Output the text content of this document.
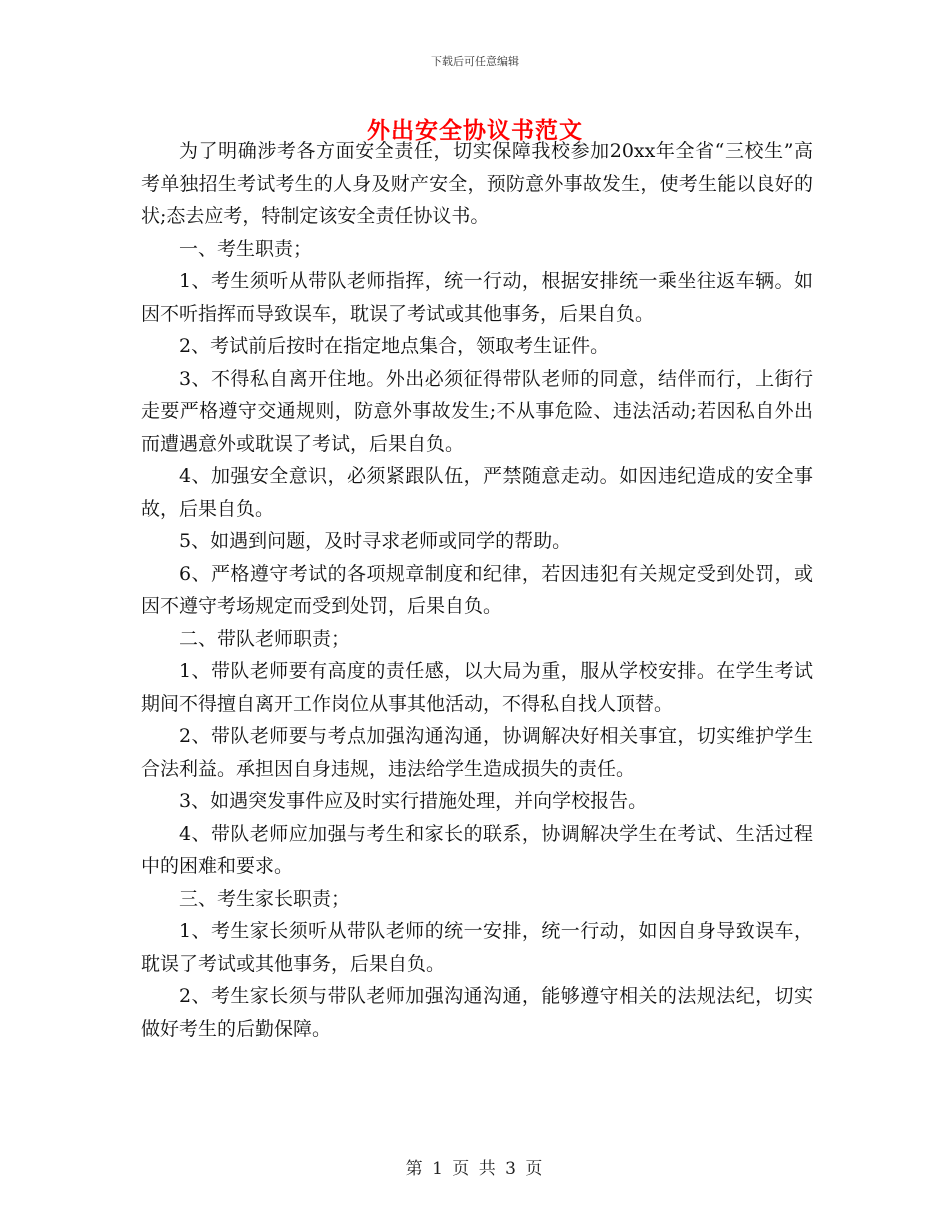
下载后可任意编辑
外出安全协议书范文

为了明确涉考各方面安全责任，切实保障我校参加20xx年全省“三校生”高考单独招生考试考生的人身及财产安全，预防意外事故发生，使考生能以良好的状;态去应考，特制定该安全责任协议书。

一、考生职责；

1、考生须听从带队老师指挥，统一行动，根据安排统一乘坐往返车辆。如因不听指挥而导致误车，耽误了考试或其他事务，后果自负。

2、考试前后按时在指定地点集合，领取考生证件。

3、不得私自离开住地。外出必须征得带队老师的同意，结伴而行，上街行走要严格遵守交通规则，防意外事故发生;不从事危险、违法活动;若因私自外出而遭遇意外或耽误了考试，后果自负。

4、加强安全意识，必须紧跟队伍，严禁随意走动。如因违纪造成的安全事故，后果自负。

5、如遇到问题，及时寻求老师或同学的帮助。

6、严格遵守考试的各项规章制度和纪律，若因违犯有关规定受到处罚，或因不遵守考场规定而受到处罚，后果自负。

二、带队老师职责；

1、带队老师要有高度的责任感，以大局为重，服从学校安排。在学生考试期间不得擅自离开工作岗位从事其他活动，不得私自找人顶替。

2、带队老师要与考点加强沟通沟通，协调解决好相关事宜，切实维护学生合法利益。承担因自身违规，违法给学生造成损失的责任。

3、如遇突发事件应及时实行措施处理，并向学校报告。

4、带队老师应加强与考生和家长的联系，协调解决学生在考试、生活过程中的困难和要求。

三、考生家长职责；

1、考生家长须听从带队老师的统一安排，统一行动，如因自身导致误车，耽误了考试或其他事务，后果自负。

2、考生家长须与带队老师加强沟通沟通，能够遵守相关的法规法纪，切实做好考生的后勤保障。

第 1 页 共 3 页
